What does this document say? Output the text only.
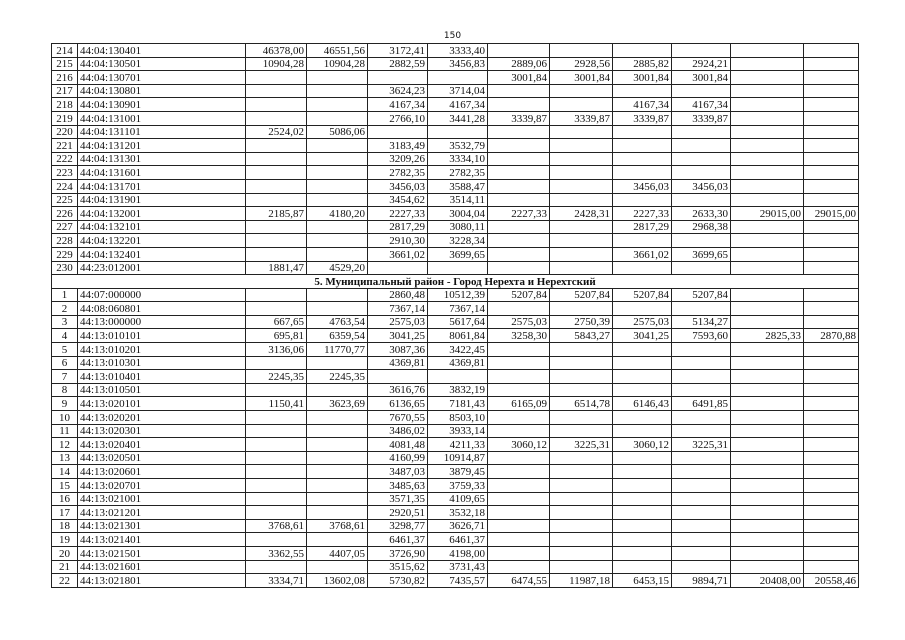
150
214	44:04:130401	46378,00	46551,56	3172,41	3333,40						
215	44:04:130501	10904,28	10904,28	2882,59	3456,83	2889,06	2928,56	2885,82	2924,21		
216	44:04:130701					3001,84	3001,84	3001,84	3001,84		
217	44:04:130801			3624,23	3714,04						
218	44:04:130901			4167,34	4167,34			4167,34	4167,34		
219	44:04:131001			2766,10	3441,28	3339,87	3339,87	3339,87	3339,87		
220	44:04:131101	2524,02	5086,06								
221	44:04:131201			3183,49	3532,79						
222	44:04:131301			3209,26	3334,10						
223	44:04:131601			2782,35	2782,35						
224	44:04:131701			3456,03	3588,47			3456,03	3456,03		
225	44:04:131901			3454,62	3514,11						
226	44:04:132001	2185,87	4180,20	2227,33	3004,04	2227,33	2428,31	2227,33	2633,30	29015,00	29015,00
227	44:04:132101			2817,29	3080,11			2817,29	2968,38		
228	44:04:132201			2910,30	3228,34						
229	44:04:132401			3661,02	3699,65			3661,02	3699,65		
230	44:23:012001	1881,47	4529,20								
5. Муниципальный район - Город Нерехта и Нерехтский											
1	44:07:000000			2860,48	10512,39	5207,84	5207,84	5207,84	5207,84		
2	44:08:060801			7367,14	7367,14						
3	44:13:000000	667,65	4763,54	2575,03	5617,64	2575,03	2750,39	2575,03	5134,27		
4	44:13:010101	695,81	6359,54	3041,25	8061,84	3258,30	5843,27	3041,25	7593,60	2825,33	2870,88
5	44:13:010201	3136,06	11770,77	3087,36	3422,45						
6	44:13:010301			4369,81	4369,81						
7	44:13:010401	2245,35	2245,35								
8	44:13:010501			3616,76	3832,19						
9	44:13:020101	1150,41	3623,69	6136,65	7181,43	6165,09	6514,78	6146,43	6491,85		
10	44:13:020201			7670,55	8503,10						
11	44:13:020301			3486,02	3933,14						
12	44:13:020401			4081,48	4211,33	3060,12	3225,31	3060,12	3225,31		
13	44:13:020501			4160,99	10914,87						
14	44:13:020601			3487,03	3879,45						
15	44:13:020701			3485,63	3759,33						
16	44:13:021001			3571,35	4109,65						
17	44:13:021201			2920,51	3532,18						
18	44:13:021301	3768,61	3768,61	3298,77	3626,71						
19	44:13:021401			6461,37	6461,37						
20	44:13:021501	3362,55	4407,05	3726,90	4198,00						
21	44:13:021601			3515,62	3731,43						
22	44:13:021801	3334,71	13602,08	5730,82	7435,57	6474,55	11987,18	6453,15	9894,71	20408,00	20558,46
